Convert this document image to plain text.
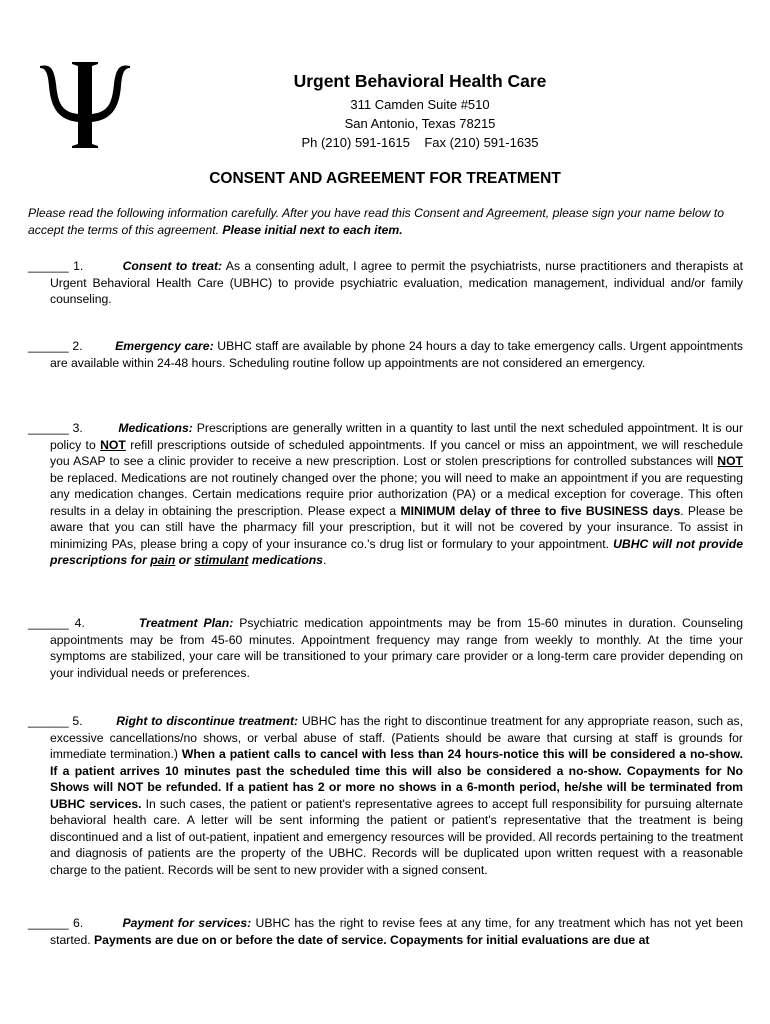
Urgent Behavioral Health Care
311 Camden Suite #510
San Antonio, Texas 78215
Ph (210) 591-1615    Fax (210) 591-1635
CONSENT AND AGREEMENT FOR TREATMENT
Please read the following information carefully. After you have read this Consent and Agreement, please sign your name below to accept the terms of this agreement. Please initial next to each item.
______ 1.	Consent to treat: As a consenting adult, I agree to permit the psychiatrists, nurse practitioners and therapists at Urgent Behavioral Health Care (UBHC) to provide psychiatric evaluation, medication management, individual and/or family counseling.
______ 2.	Emergency care: UBHC staff are available by phone 24 hours a day to take emergency calls. Urgent appointments are available within 24-48 hours. Scheduling routine follow up appointments are not considered an emergency.
______ 3.	Medications: Prescriptions are generally written in a quantity to last until the next scheduled appointment. It is our policy to NOT refill prescriptions outside of scheduled appointments. If you cancel or miss an appointment, we will reschedule you ASAP to see a clinic provider to receive a new prescription. Lost or stolen prescriptions for controlled substances will NOT be replaced. Medications are not routinely changed over the phone; you will need to make an appointment if you are requesting any medication changes. Certain medications require prior authorization (PA) or a medical exception for coverage. This often results in a delay in obtaining the prescription. Please expect a MINIMUM delay of three to five BUSINESS days. Please be aware that you can still have the pharmacy fill your prescription, but it will not be covered by your insurance. To assist in minimizing PAs, please bring a copy of your insurance co.'s drug list or formulary to your appointment. UBHC will not provide prescriptions for pain or stimulant medications.
______ 4.	Treatment Plan: Psychiatric medication appointments may be from 15-60 minutes in duration. Counseling appointments may be from 45-60 minutes. Appointment frequency may range from weekly to monthly. At the time your symptoms are stabilized, your care will be transitioned to your primary care provider or a long-term care provider depending on your individual needs or preferences.
______ 5.	Right to discontinue treatment: UBHC has the right to discontinue treatment for any appropriate reason, such as, excessive cancellations/no shows, or verbal abuse of staff. (Patients should be aware that cursing at staff is grounds for immediate termination.) When a patient calls to cancel with less than 24 hours-notice this will be considered a no-show. If a patient arrives 10 minutes past the scheduled time this will also be considered a no-show. Copayments for No Shows will NOT be refunded. If a patient has 2 or more no shows in a 6-month period, he/she will be terminated from UBHC services. In such cases, the patient or patient's representative agrees to accept full responsibility for pursuing alternate behavioral health care. A letter will be sent informing the patient or patient's representative that the treatment is being discontinued and a list of out-patient, inpatient and emergency resources will be provided. All records pertaining to the treatment and diagnosis of patients are the property of the UBHC. Records will be duplicated upon written request with a reasonable charge to the patient. Records will be sent to new provider with a signed consent.
______ 6.	Payment for services: UBHC has the right to revise fees at any time, for any treatment which has not yet been started. Payments are due on or before the date of service. Copayments for initial evaluations are due at
